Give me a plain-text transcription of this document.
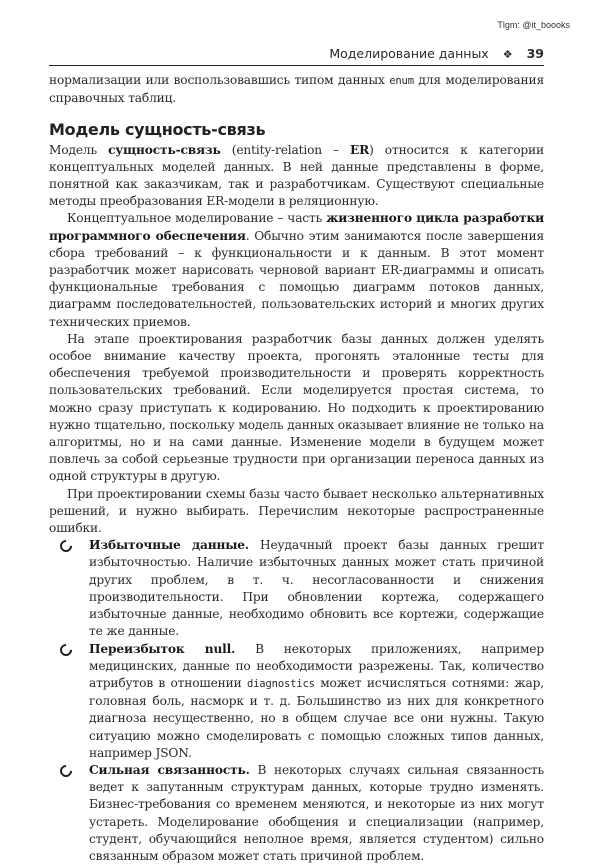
Tlgm: @it_boooks
Моделирование данных ❖ 39

нормализации или воспользовавшись типом данных enum для моделирования справочных таблиц.

Модель сущность-связь

Модель сущность-связь (entity-relation – ER) относится к категории концептуальных моделей данных. В ней данные представлены в форме, понятной как заказчикам, так и разработчикам. Существуют специальные методы преобразования ER-модели в реляционную.

Концептуальное моделирование – часть жизненного цикла разработки программного обеспечения. Обычно этим занимаются после завершения сбора требований – к функциональности и к данным. В этот момент разработчик может нарисовать черновой вариант ER-диаграммы и описать функциональные требования с помощью диаграмм потоков данных, диаграмм последовательностей, пользовательских историй и многих других технических приемов.

На этапе проектирования разработчик базы данных должен уделять особое внимание качеству проекта, прогонять эталонные тесты для обеспечения требуемой производительности и проверять корректность пользовательских требований. Если моделируется простая система, то можно сразу приступать к кодированию. Но подходить к проектированию нужно тщательно, поскольку модель данных оказывает влияние не только на алгоритмы, но и на сами данные. Изменение модели в будущем может повлечь за собой серьезные трудности при организации переноса данных из одной структуры в другую.

При проектировании схемы базы часто бывает несколько альтернативных решений, и нужно выбирать. Перечислим некоторые распространенные ошибки.

Избыточные данные. Неудачный проект базы данных грешит избыточностью. Наличие избыточных данных может стать причиной других проблем, в т. ч. несогласованности и снижения производительности. При обновлении кортежа, содержащего избыточные данные, необходимо обновить все кортежи, содержащие те же данные.
Переизбыток null. В некоторых приложениях, например медицинских, данные по необходимости разрежены. Так, количество атрибутов в отношении diagnostics может исчисляться сотнями: жар, головная боль, насморк и т. д. Большинство из них для конкретного диагноза несущественно, но в общем случае все они нужны. Такую ситуацию можно смоделировать с помощью сложных типов данных, например JSON.
Сильная связанность. В некоторых случаях сильная связанность ведет к запутанным структурам данных, которые трудно изменять. Бизнес-требования со временем меняются, и некоторые из них могут устареть. Моделирование обобщения и специализации (например, студент, обучающийся неполное время, является студентом) сильно связанным образом может стать причиной проблем.
